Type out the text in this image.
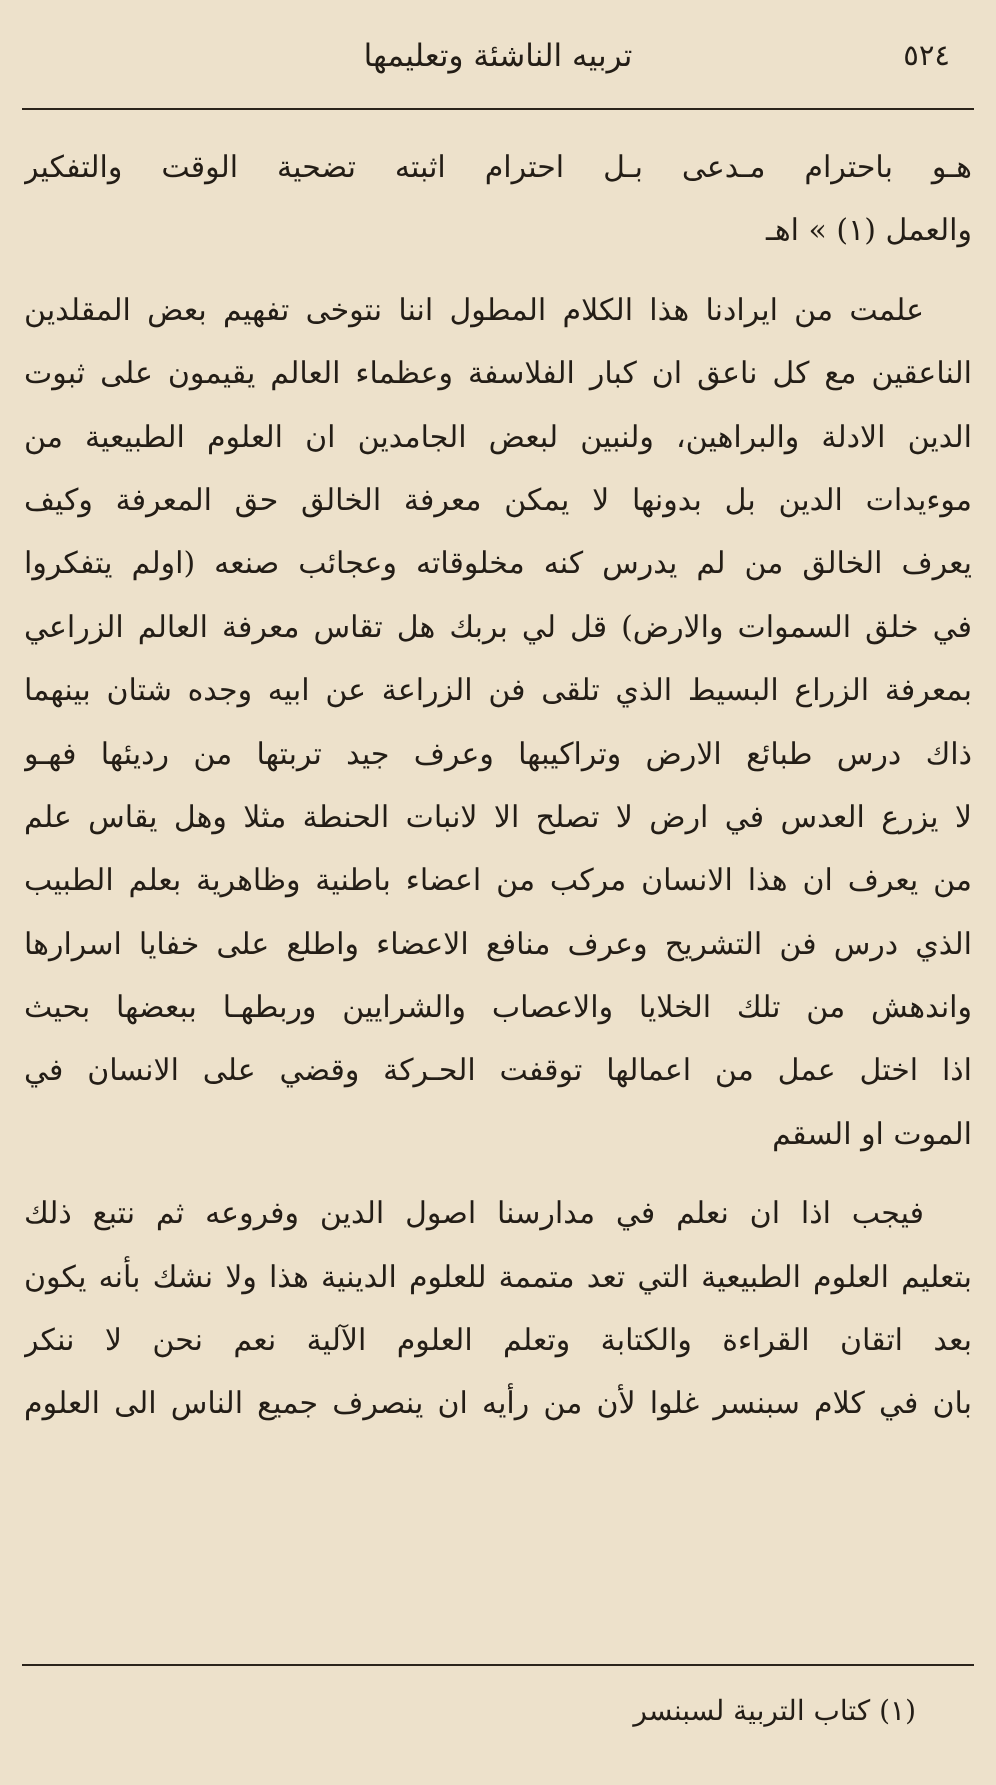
٥٢٤
تربيه الناشئة وتعليمها
هـو باحترام مـدعى بـل احترام اثبته تضحية الوقت والتفكير
والعمل (١) » اهـ
علمت من ايرادنا هذا الكلام المطول اننا نتوخى تفهيم بعض المقلدين
الناعقين مع كل ناعق ان كبار الفلاسفة وعظماء العالم يقيمون على ثبوت
الدين الادلة والبراهين، ولنبين لبعض الجامدين ان العلوم الطبيعية من
موءيدات الدين بل بدونها لا يمكن معرفة الخالق حق المعرفة وكيف
يعرف الخالق من لم يدرس كنه مخلوقاته وعجائب صنعه (اولم يتفكروا
في خلق السموات والارض) قل لي بربك هل تقاس معرفة العالم الزراعي
بمعرفة الزراع البسيط الذي تلقى فن الزراعة عن ابيه وجده شتان بينهما
ذاك درس طبائع الارض وتراكيبها وعرف جيد تربتها من رديئها فهـو
لا يزرع العدس في ارض لا تصلح الا لانبات الحنطة مثلا وهل يقاس علم
من يعرف ان هذا الانسان مركب من اعضاء باطنية وظاهرية بعلم الطبيب
الذي درس فن التشريح وعرف منافع الاعضاء واطلع على خفايا اسرارها
واندهش من تلك الخلايا والاعصاب والشرايين وربطهـا ببعضها بحيث
اذا اختل عمل من اعمالها توقفت الحـركة وقضي على الانسان في
الموت او السقم
فيجب اذا ان نعلم في مدارسنا اصول الدين وفروعه ثم نتبع ذلك
بتعليم العلوم الطبيعية التي تعد متممة للعلوم الدينية هذا ولا نشك بأنه يكون
بعد اتقان القراءة والكتابة وتعلم العلوم الآلية نعم نحن لا ننكر
بان في كلام سبنسر غلوا لأن من رأيه ان ينصرف جميع الناس الى العلوم
(١) كتاب التربية لسبنسر
